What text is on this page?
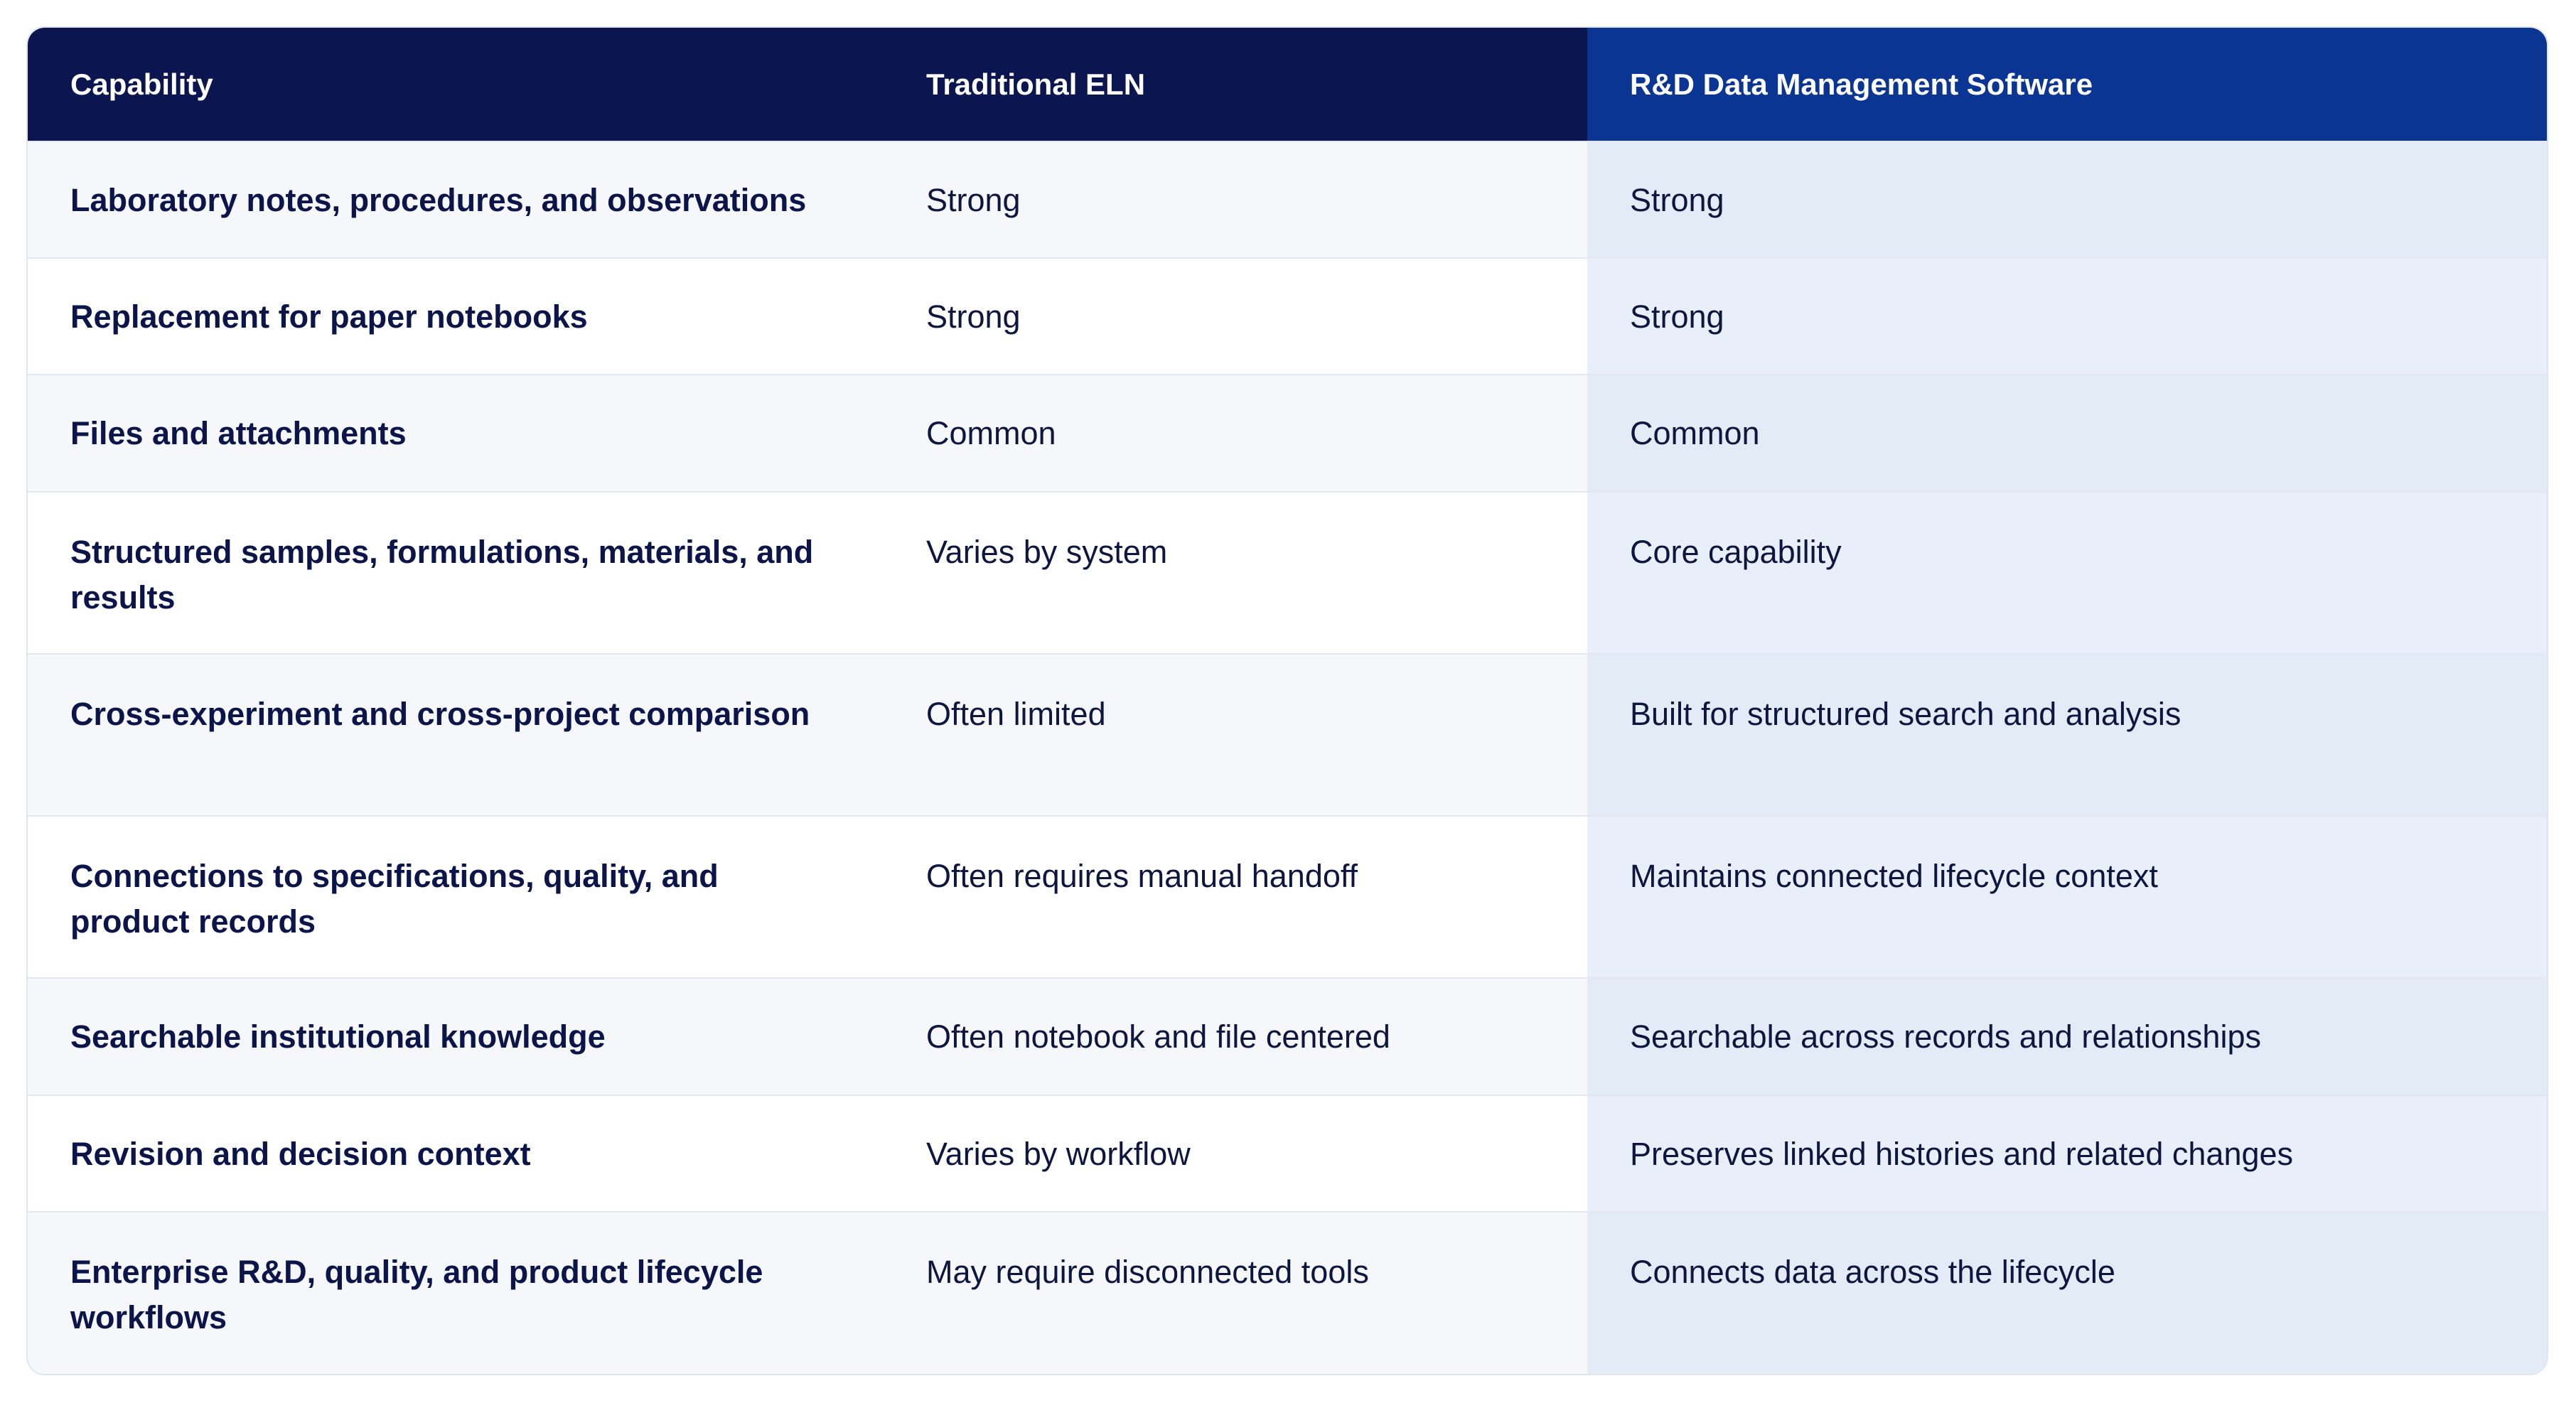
Capability	Traditional ELN	R&D Data Management Software
Laboratory notes, procedures, and observations	Strong	Strong
Replacement for paper notebooks	Strong	Strong
Files and attachments	Common	Common
Structured samples, formulations, materials, and results	Varies by system	Core capability
Cross-experiment and cross-project comparison	Often limited	Built for structured search and analysis
Connections to specifications, quality, and product records	Often requires manual handoff	Maintains connected lifecycle context
Searchable institutional knowledge	Often notebook and file centered	Searchable across records and relationships
Revision and decision context	Varies by workflow	Preserves linked histories and related changes
Enterprise R&D, quality, and product lifecycle workflows	May require disconnected tools	Connects data across the lifecycle
